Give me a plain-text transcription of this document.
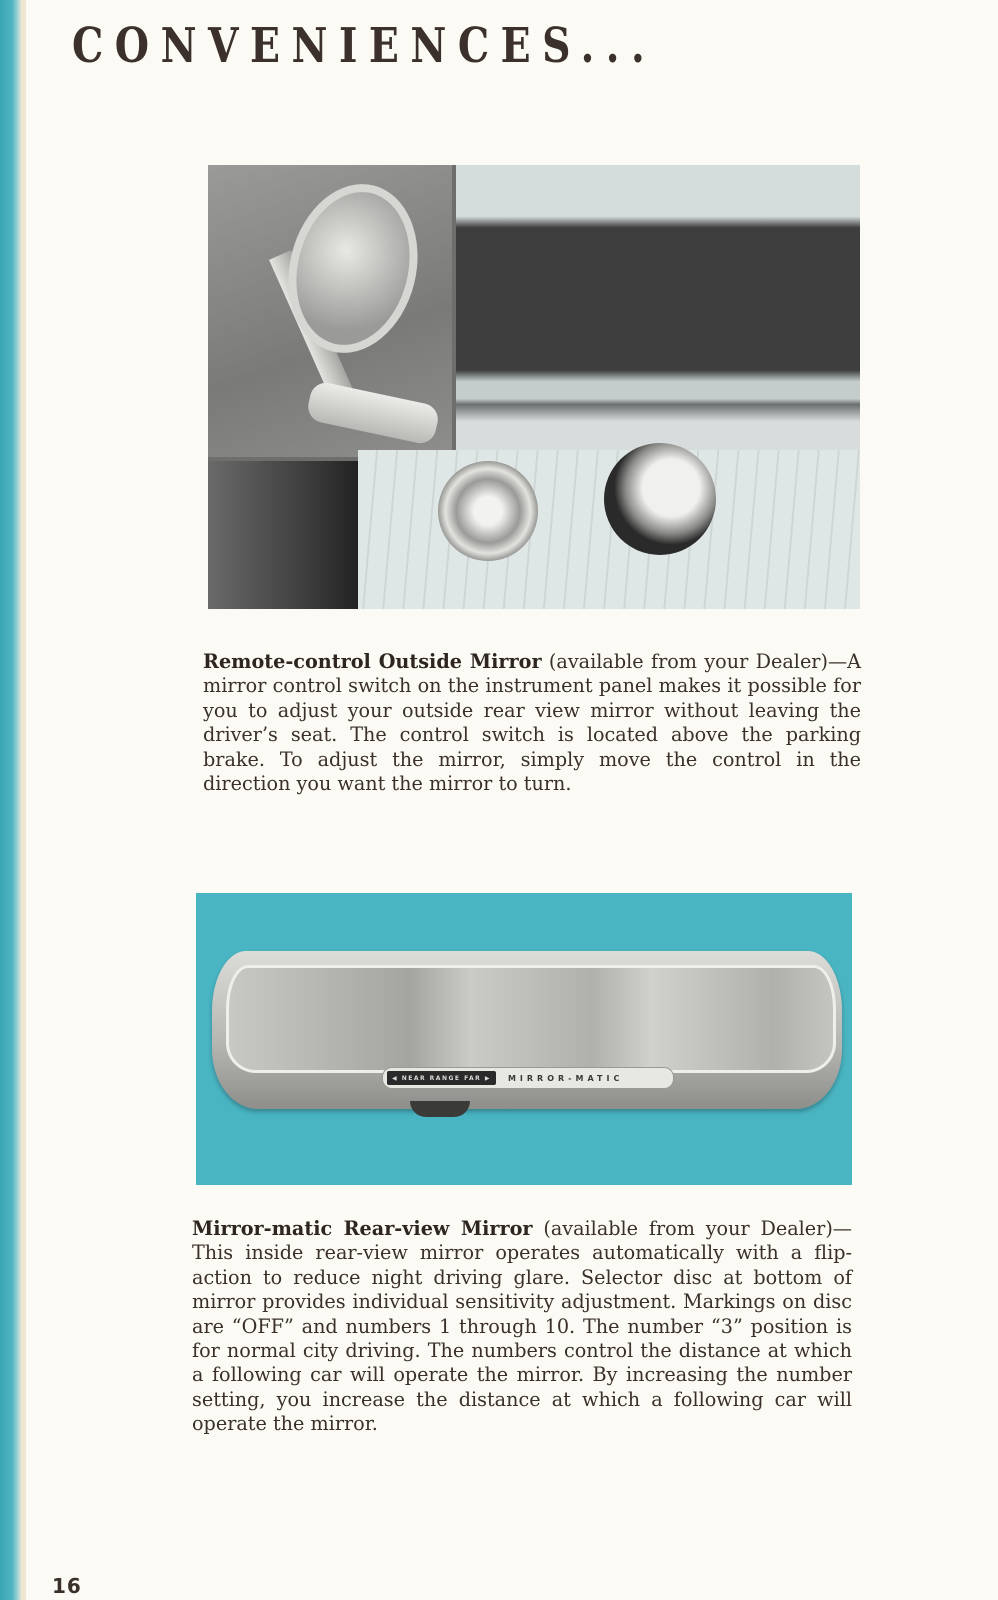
CONVENIENCES...
Remote-control Outside Mirror (available from your Dealer)—A mirror control switch on the instrument panel makes it possible for you to adjust your outside rear view mirror without leaving the driver’s seat. The control switch is located above the parking brake. To adjust the mirror, simply move the control in the direction you want the mirror to turn.
◀ NEAR RANGE FAR ▶	MIRROR-MATIC
Mirror-matic Rear-view Mirror (available from your Dealer)—This inside rear-view mirror operates automatically with a flip-action to reduce night driving glare. Selector disc at bottom of mirror provides individual sensitivity adjustment. Markings on disc are “OFF” and numbers 1 through 10. The number “3” position is for normal city driving. The numbers control the distance at which a following car will operate the mirror. By increasing the number setting, you increase the distance at which a following car will operate the mirror.
16
